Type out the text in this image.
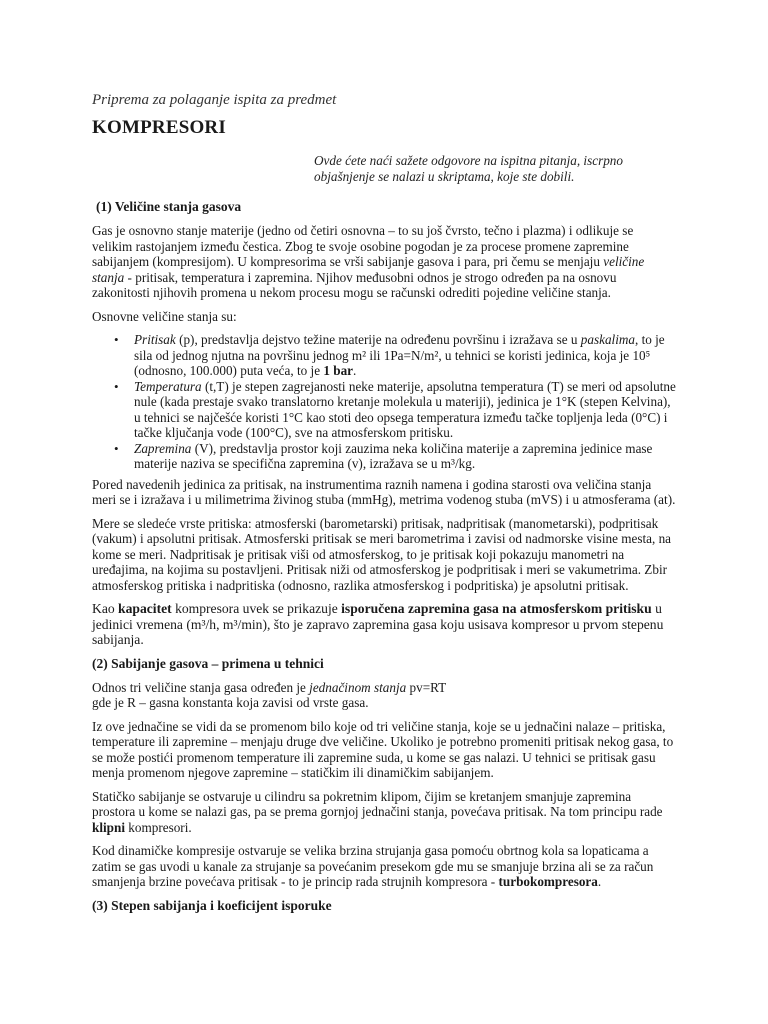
Priprema za polaganje ispita za predmet
KOMPRESORI
Ovde ćete naći sažete odgovore na ispitna pitanja, iscrpno objašnjenje se nalazi u skriptama, koje ste dobili.
(1) Veličine stanja gasova

Gas je osnovno stanje materije (jedno od četiri osnovna – to su još čvrsto, tečno i plazma) i odlikuje se velikim rastojanjem između čestica. Zbog te svoje osobine pogodan je za procese promene zapremine sabijanjem (kompresijom). U kompresorima se vrši sabijanje gasova i para, pri čemu se menjaju veličine stanja - pritisak, temperatura i zapremina. Njihov međusobni odnos je strogo određen pa na osnovu zakonitosti njihovih promena u nekom procesu mogu se računski odrediti pojedine veličine stanja.

Osnovne veličine stanja su:

• Pritisak (p), predstavlja dejstvo težine materije na određenu površinu i izražava se u paskalima, to je sila od jednog njutna na površinu jednog m² ili 1Pa=N/m², u tehnici se koristi jedinica, koja je 10⁵ (odnosno, 100.000) puta veća, to je 1 bar.
• Temperatura (t,T) je stepen zagrejanosti neke materije, apsolutna temperatura (T) se meri od apsolutne nule (kada prestaje svako translatorno kretanje molekula u materiji), jedinica je 1°K (stepen Kelvina), u tehnici se najčešće koristi 1°C kao stoti deo opsega temperatura između tačke topljenja leda (0°C) i tačke ključanja vode (100°C), sve na atmosferskom pritisku.
• Zapremina (V), predstavlja prostor koji zauzima neka količina materije a zapremina jedinice mase materije naziva se specifična zapremina (v), izražava se u m³/kg.

Pored navedenih jedinica za pritisak, na instrumentima raznih namena i godina starosti ova veličina stanja meri se i izražava i u milimetrima živinog stuba (mmHg), metrima vodenog stuba (mVS) i u atmosferama (at).

Mere se sledeće vrste pritiska: atmosferski (barometarski) pritisak, nadpritisak (manometarski), podpritisak (vakum) i apsolutni pritisak. Atmosferski pritisak se meri barometrima i zavisi od nadmorske visine mesta, na kome se meri. Nadpritisak je pritisak viši od atmosferskog, to je pritisak koji pokazuju manometri na uređajima, na kojima su postavljeni. Pritisak niži od atmosferskog je podpritisak i meri se vakumetrima. Zbir atmosferskog pritiska i nadpritiska (odnosno, razlika atmosferskog i podpritiska) je apsolutni pritisak.

Kao kapacitet kompresora uvek se prikazuje isporučena zapremina gasa na atmosferskom pritisku u jedinici vremena (m³/h, m³/min), što je zapravo zapremina gasa koju usisava kompresor u prvom stepenu sabijanja.

(2) Sabijanje gasova – primena u tehnici

Odnos tri veličine stanja gasa određen je jednačinom stanja pv=RT
gde je R – gasna konstanta koja zavisi od vrste gasa.

Iz ove jednačine se vidi da se promenom bilo koje od tri veličine stanja, koje se u jednačini nalaze – pritiska, temperature ili zapremine – menjaju druge dve veličine. Ukoliko je potrebno promeniti pritisak nekog gasa, to se može postići promenom temperature ili zapremine suda, u kome se gas nalazi. U tehnici se pritisak gasu menja promenom njegove zapremine – statičkim ili dinamičkim sabijanjem.

Statičko sabijanje se ostvaruje u cilindru sa pokretnim klipom, čijim se kretanjem smanjuje zapremina prostora u kome se nalazi gas, pa se prema gornjoj jednačini stanja, povećava pritisak. Na tom principu rade klipni kompresori.

Kod dinamičke kompresije ostvaruje se velika brzina strujanja gasa pomoću obrtnog kola sa lopaticama a zatim se gas uvodi u kanale za strujanje sa povećanim presekom gde mu se smanjuje brzina ali se za račun smanjenja brzine povećava pritisak - to je princip rada strujnih kompresora - turbokompresora.

(3) Stepen sabijanja i koeficijent isporuke
